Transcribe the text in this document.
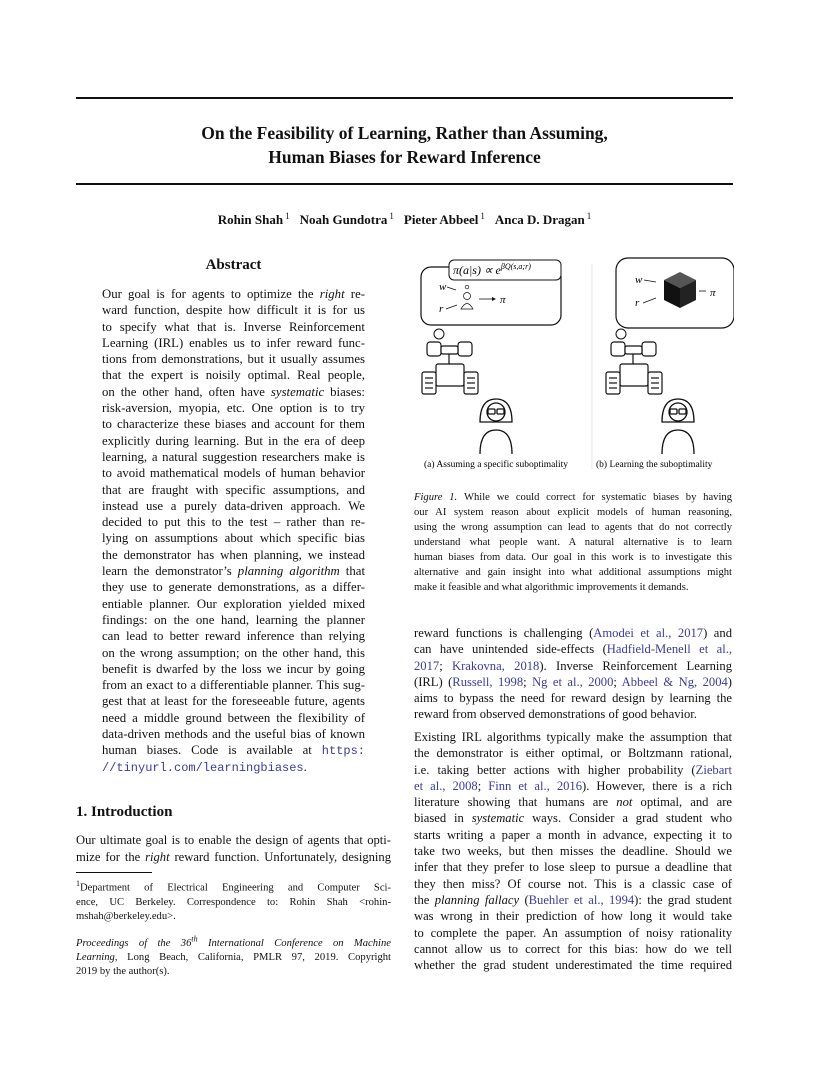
On the Feasibility of Learning, Rather than Assuming,
Human Biases for Reward Inference
Rohin Shah $^1$ Noah Gundotra $^1$ Pieter Abbeel $^1$ Anca D. Dragan $^1$
Abstract
Our goal is for agents to optimize the right re-
ward function, despite how difficult it is for us
to specify what that is. Inverse Reinforcement
Learning (IRL) enables us to infer reward func-
tions from demonstrations, but it usually assumes
that the expert is noisily optimal. Real people,
on the other hand, often have systematic biases:
risk-aversion, myopia, etc. One option is to try
to characterize these biases and account for them
explicitly during learning. But in the era of deep
learning, a natural suggestion researchers make is
to avoid mathematical models of human behavior
that are fraught with specific assumptions, and
instead use a purely data-driven approach. We
decided to put this to the test – rather than re-
lying on assumptions about which specific bias
the demonstrator has when planning, we instead
learn the demonstrator’s planning algorithm that
they use to generate demonstrations, as a differ-
entiable planner. Our exploration yielded mixed
findings: on the one hand, learning the planner
can lead to better reward inference than relying
on the wrong assumption; on the other hand, this
benefit is dwarfed by the loss we incur by going
from an exact to a differentiable planner. This sug-
gest that at least for the foreseeable future, agents
need a middle ground between the flexibility of
data-driven methods and the useful bias of known
human biases. Code is available at https:
//tinyurl.com/learningbiases.
1. Introduction
Our ultimate goal is to enable the design of agents that opti-
mize for the right reward function. Unfortunately, designing
$^1$Department of Electrical Engineering and Computer Sci-
ence, UC Berkeley. Correspondence to: Rohin Shah <rohin-
mshah@berkeley.edu>.
Proceedings of the 36th International Conference on Machine
Learning, Long Beach, California, PMLR 97, 2019. Copyright
2019 by the author(s).
$\pi(a|s) \propto e^{\beta Q(s,a;r)}$
w
r
π
(a) Assuming a specific suboptimality
w
r
π
(b) Learning the suboptimality
Figure 1. While we could correct for systematic biases by having
our AI system reason about explicit models of human reasoning,
using the wrong assumption can lead to agents that do not correctly
understand what people want. A natural alternative is to learn
human biases from data. Our goal in this work is to investigate this
alternative and gain insight into what additional assumptions might
make it feasible and what algorithmic improvements it demands.
reward functions is challenging (Amodei et al., 2017) and
can have unintended side-effects (Hadfield-Menell et al.,
2017; Krakovna, 2018). Inverse Reinforcement Learning
(IRL) (Russell, 1998; Ng et al., 2000; Abbeel & Ng, 2004)
aims to bypass the need for reward design by learning the
reward from observed demonstrations of good behavior.
Existing IRL algorithms typically make the assumption that
the demonstrator is either optimal, or Boltzmann rational,
i.e. taking better actions with higher probability (Ziebart
et al., 2008; Finn et al., 2016). However, there is a rich
literature showing that humans are not optimal, and are
biased in systematic ways. Consider a grad student who
starts writing a paper a month in advance, expecting it to
take two weeks, but then misses the deadline. Should we
infer that they prefer to lose sleep to pursue a deadline that
they then miss? Of course not. This is a classic case of
the planning fallacy (Buehler et al., 1994): the grad student
was wrong in their prediction of how long it would take
to complete the paper. An assumption of noisy rationality
cannot allow us to correct for this bias: how do we tell
whether the grad student underestimated the time required
